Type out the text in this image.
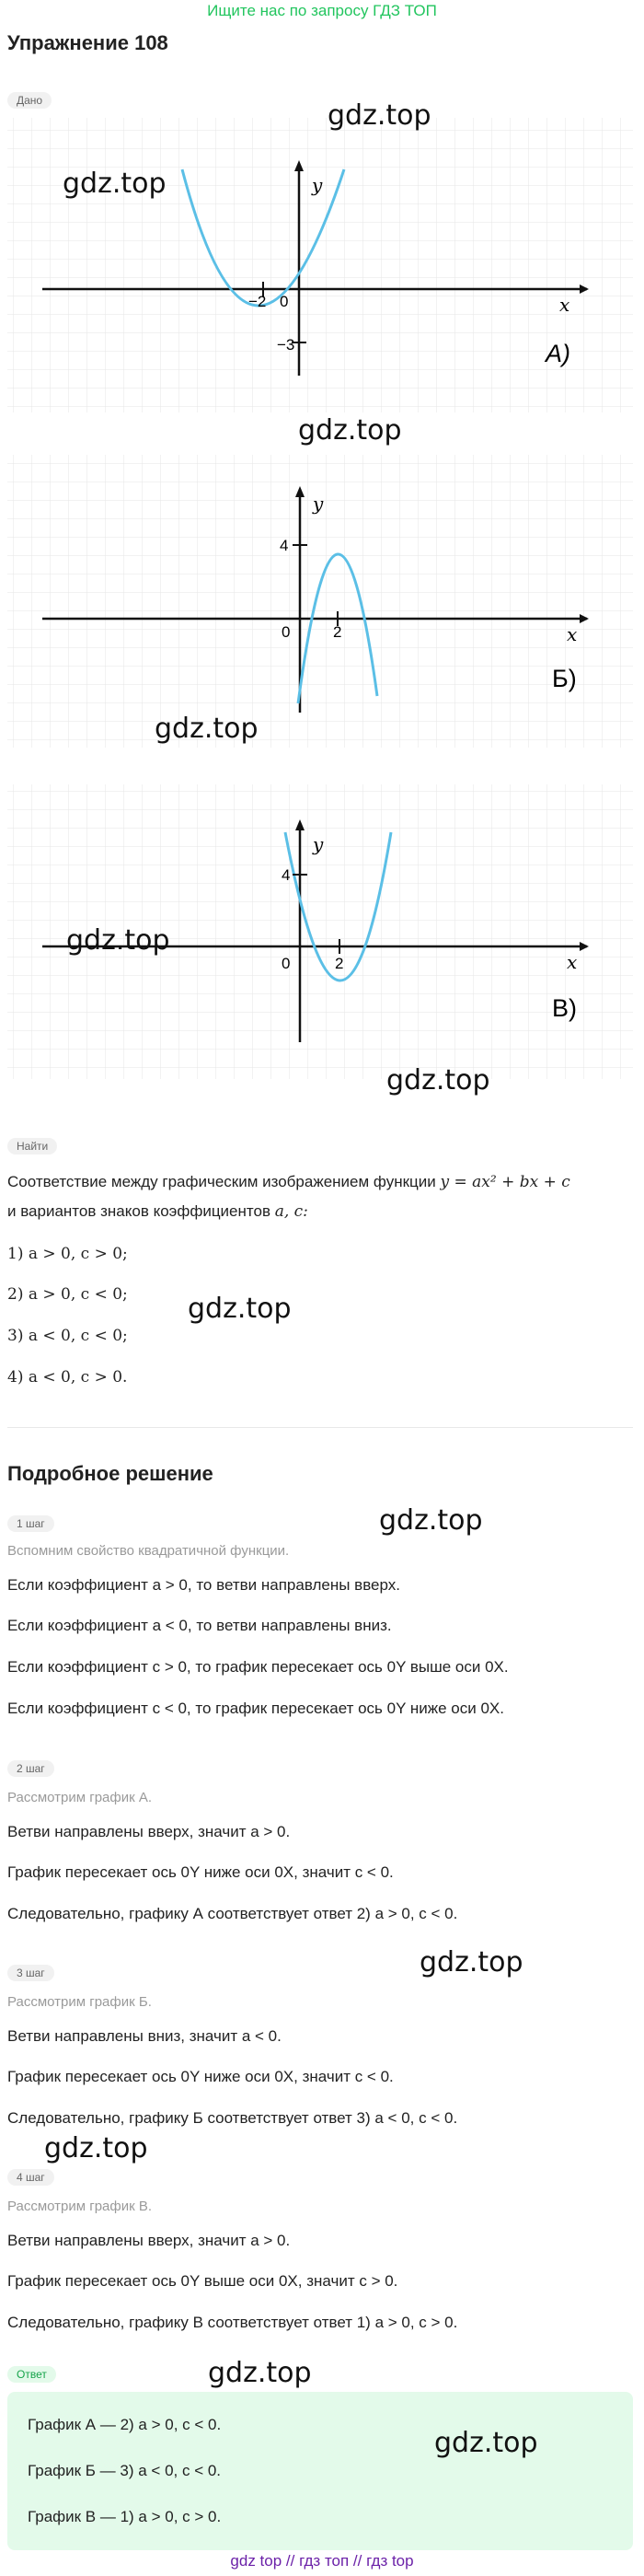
Ищите нас по запросу ГДЗ ТОП
Упражнение 108
Дано
y
x
0
−2
−3	А)
y
x
0	2
4
Б)
y
x
0	2
4
В)
Найти
Соответствие между графическим изображением функции y = ax² + bx + c
и вариантов знаков коэффициентов a, c:
1) a > 0, c > 0;
2) a > 0, c < 0;
3) a < 0, c < 0;
4) a < 0, c > 0.
Подробное решение
1 шаг
Вспомним свойство квадратичной функции.
Если коэффициент a > 0, то ветви направлены вверх.
Если коэффициент a < 0, то ветви направлены вниз.
Если коэффициент c > 0, то график пересекает ось 0Y выше оси 0X.
Если коэффициент c < 0, то график пересекает ось 0Y ниже оси 0X.
2 шаг
Рассмотрим график А.
Ветви направлены вверх, значит a > 0.
График пересекает ось 0Y ниже оси 0X, значит c < 0.
Следовательно, графику А соответствует ответ 2) a > 0, c < 0.
3 шаг
Рассмотрим график Б.
Ветви направлены вниз, значит a < 0.
График пересекает ось 0Y ниже оси 0X, значит c < 0.
Следовательно, графику Б соответствует ответ 3) a < 0, c < 0.
4 шаг
Рассмотрим график В.
Ветви направлены вверх, значит a > 0.
График пересекает ось 0Y выше оси 0X, значит c > 0.
Следовательно, графику В соответствует ответ 1) a > 0, c > 0.
Ответ
График А — 2) a > 0, c < 0.
График Б — 3) a < 0, c < 0.
График В — 1) a > 0, c > 0.
gdz top // гдз топ // гдз top
gdz.top
gdz.top
gdz.top
gdz.top
gdz.top
gdz.top
gdz.top
gdz.top
gdz.top
gdz.top
gdz.top
gdz.top
